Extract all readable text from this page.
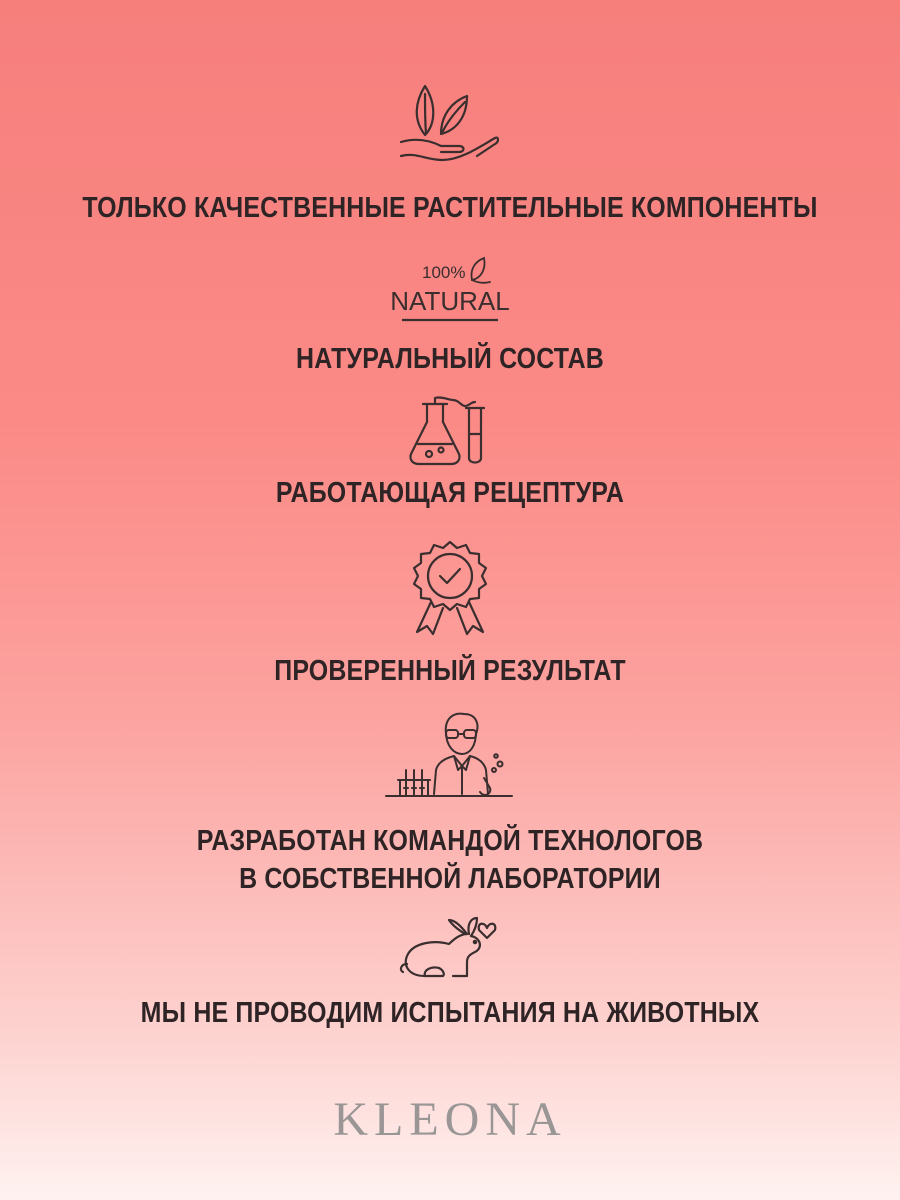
ТОЛЬКО КАЧЕСТВЕННЫЕ РАСТИТЕЛЬНЫЕ КОМПОНЕНТЫ
100%
NATURAL
НАТУРАЛЬНЫЙ СОСТАВ
РАБОТАЮЩАЯ РЕЦЕПТУРА
ПРОВЕРЕННЫЙ РЕЗУЛЬТАТ
РАЗРАБОТАН КОМАНДОЙ ТЕХНОЛОГОВ
В СОБСТВЕННОЙ ЛАБОРАТОРИИ
МЫ НЕ ПРОВОДИМ ИСПЫТАНИЯ НА ЖИВОТНЫХ
KLEONA
